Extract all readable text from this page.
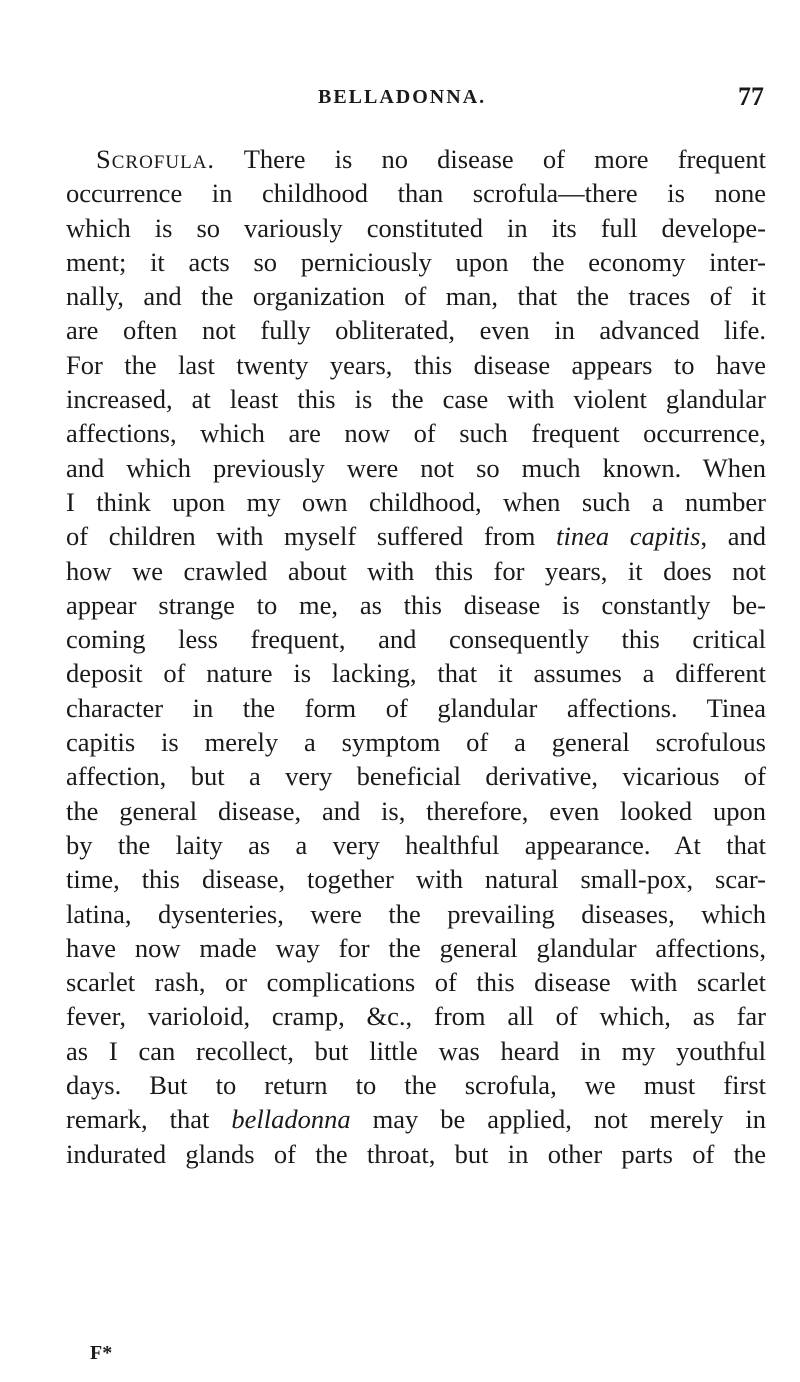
BELLADONNA.	77

Scrofula. There is no disease of more frequent
occurrence in childhood than scrofula—there is none
which is so variously constituted in its full develope-
ment; it acts so perniciously upon the economy inter-
nally, and the organization of man, that the traces of it
are often not fully obliterated, even in advanced life.
For the last twenty years, this disease appears to have
increased, at least this is the case with violent glandular
affections, which are now of such frequent occurrence,
and which previously were not so much known. When
I think upon my own childhood, when such a number
of children with myself suffered from tinea capitis, and
how we crawled about with this for years, it does not
appear strange to me, as this disease is constantly be-
coming less frequent, and consequently this critical
deposit of nature is lacking, that it assumes a different
character in the form of glandular affections. Tinea
capitis is merely a symptom of a general scrofulous
affection, but a very beneficial derivative, vicarious of
the general disease, and is, therefore, even looked upon
by the laity as a very healthful appearance. At that
time, this disease, together with natural small-pox, scar-
latina, dysenteries, were the prevailing diseases, which
have now made way for the general glandular affections,
scarlet rash, or complications of this disease with scarlet
fever, varioloid, cramp, &c., from all of which, as far
as I can recollect, but little was heard in my youthful
days. But to return to the scrofula, we must first
remark, that belladonna may be applied, not merely in
indurated glands of the throat, but in other parts of the

F*
